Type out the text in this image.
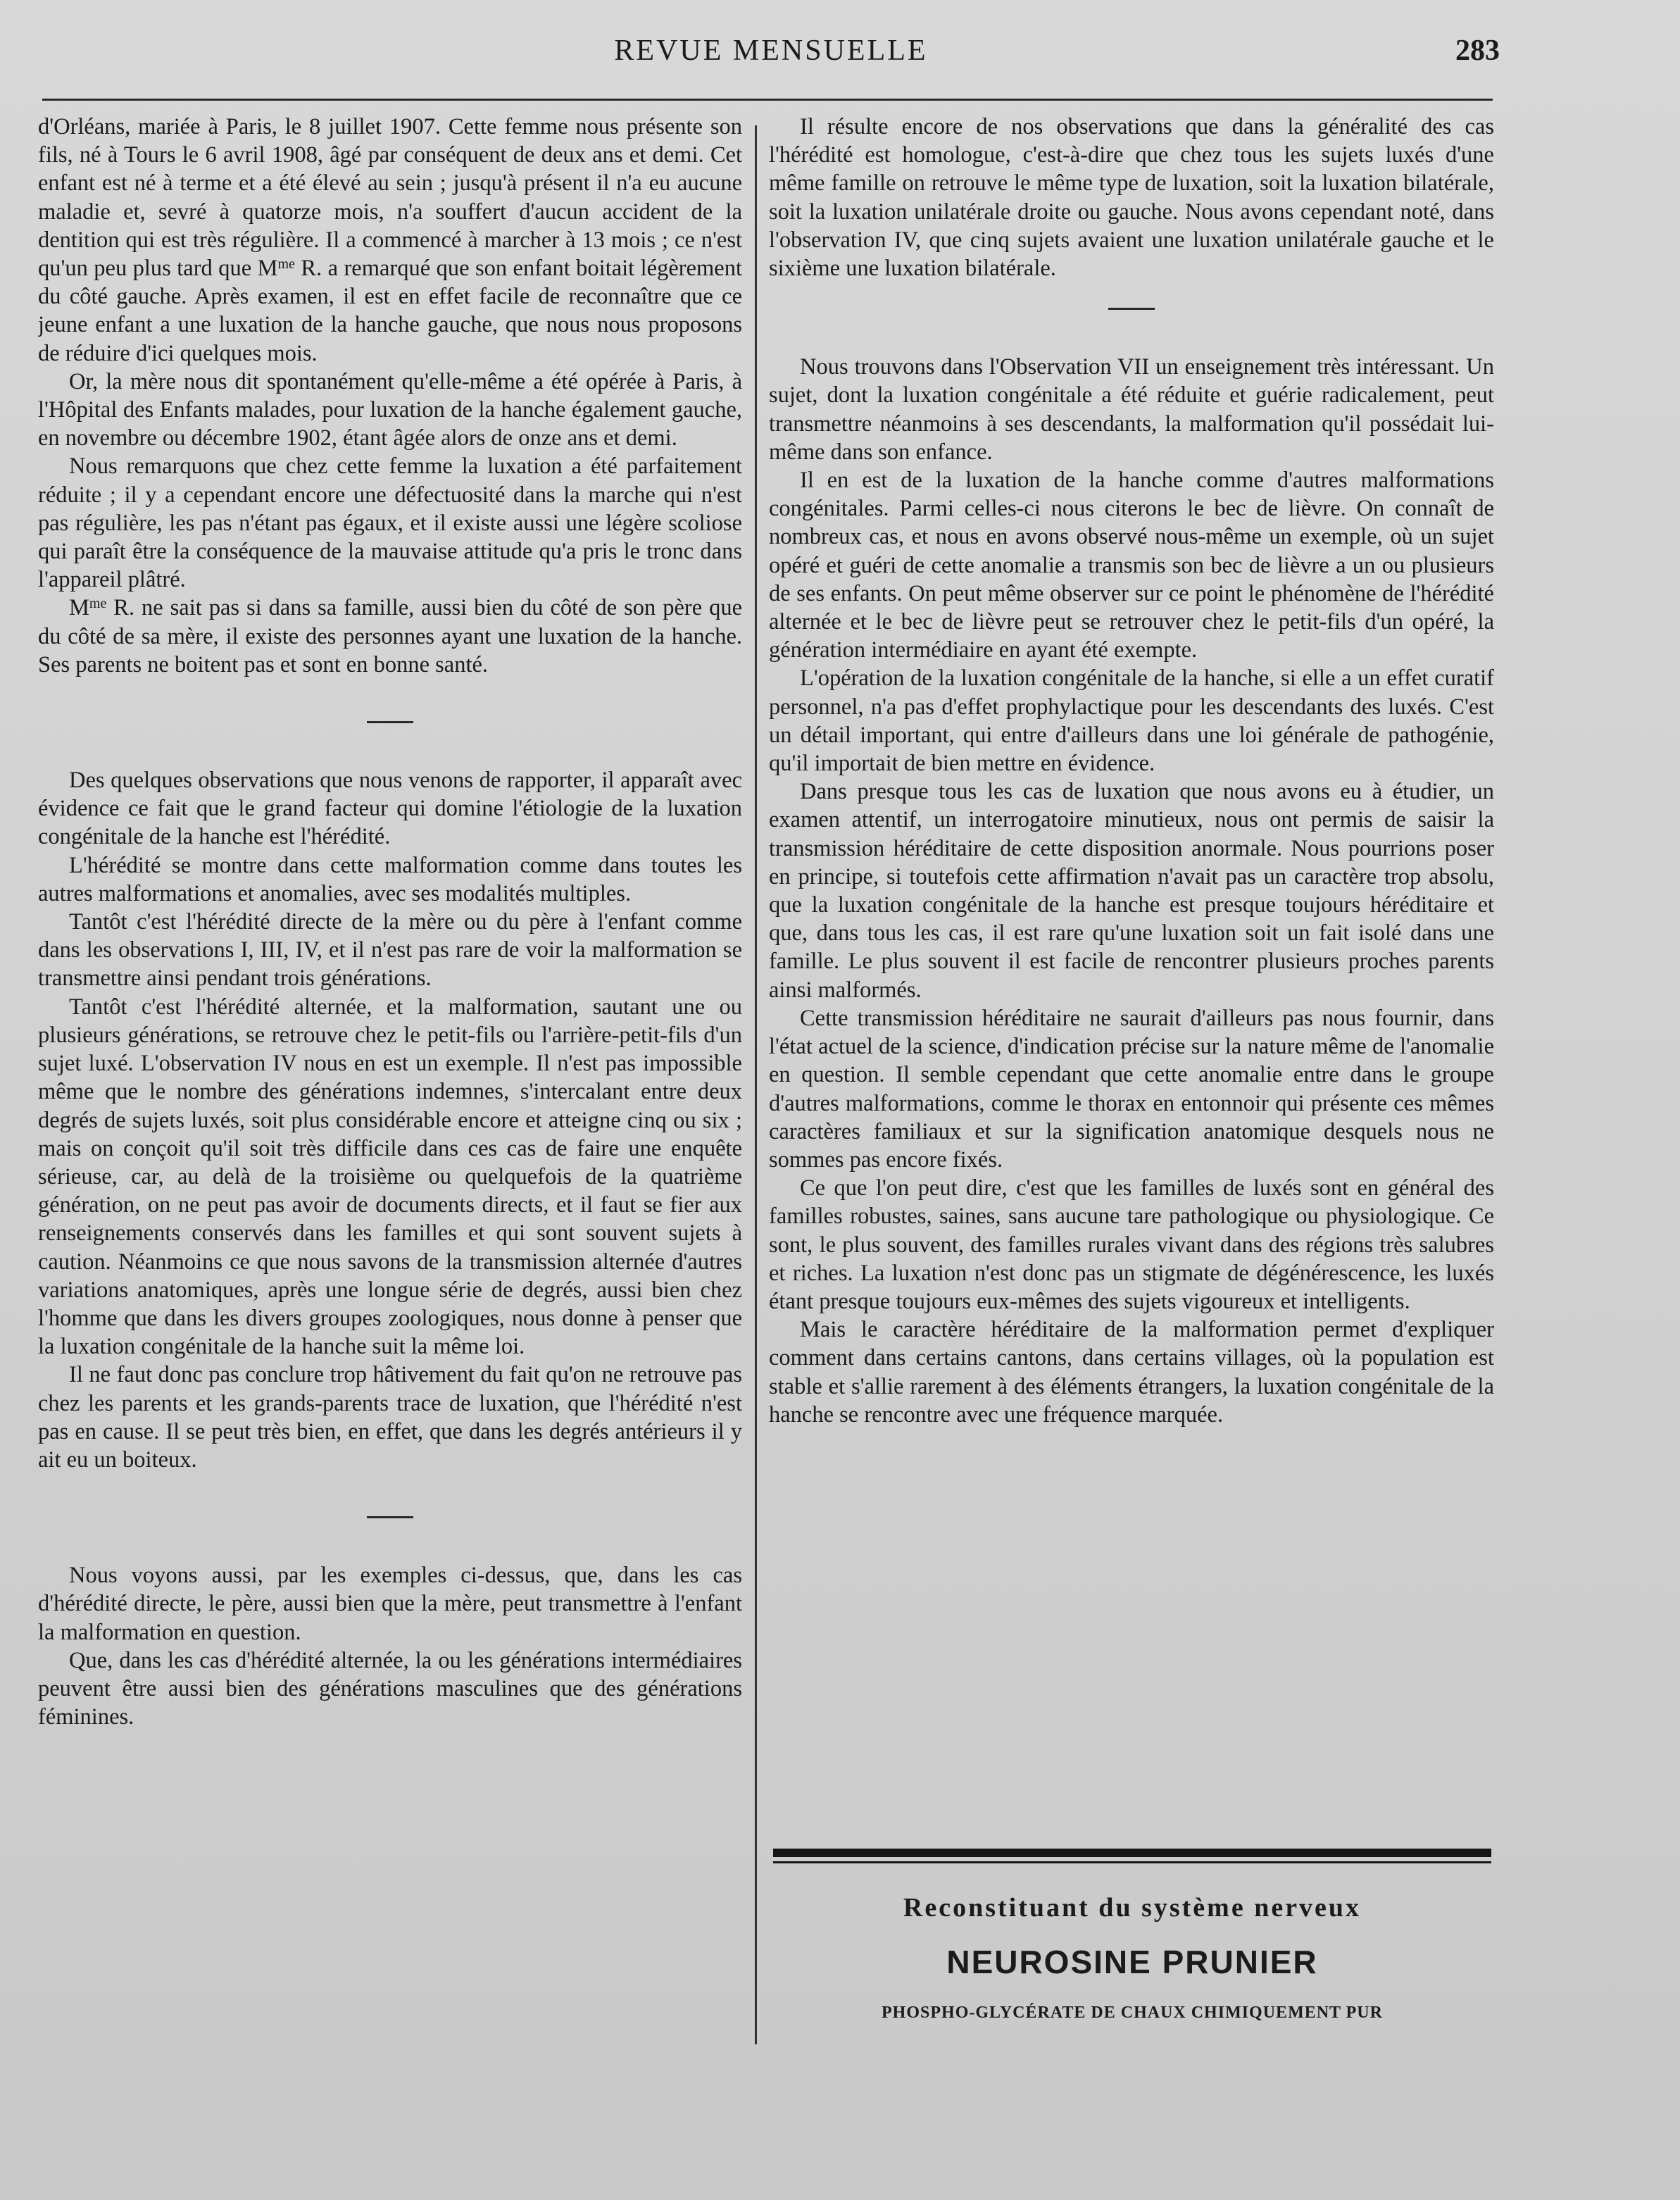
REVUE MENSUELLE	283

d'Orléans, mariée à Paris, le 8 juillet 1907. Cette femme nous présente son fils, né à Tours le 6 avril 1908, âgé par conséquent de deux ans et demi. Cet enfant est né à terme et a été élevé au sein ; jusqu'à présent il n'a eu aucune maladie et, sevré à quatorze mois, n'a souffert d'aucun accident de la dentition qui est très régulière. Il a commencé à marcher à 13 mois ; ce n'est qu'un peu plus tard que $M^{me}$ R. a remarqué que son enfant boitait légèrement du côté gauche. Après examen, il est en effet facile de reconnaître que ce jeune enfant a une luxation de la hanche gauche, que nous nous proposons de réduire d'ici quelques mois.

Or, la mère nous dit spontanément qu'elle-même a été opérée à Paris, à l'Hôpital des Enfants malades, pour luxation de la hanche également gauche, en novembre ou décembre 1902, étant âgée alors de onze ans et demi.

Nous remarquons que chez cette femme la luxation a été parfaitement réduite ; il y a cependant encore une défectuosité dans la marche qui n'est pas régulière, les pas n'étant pas égaux, et il existe aussi une légère scoliose qui paraît être la conséquence de la mauvaise attitude qu'a pris le tronc dans l'appareil plâtré.

$M^{me}$ R. ne sait pas si dans sa famille, aussi bien du côté de son père que du côté de sa mère, il existe des personnes ayant une luxation de la hanche. Ses parents ne boitent pas et sont en bonne santé.

Des quelques observations que nous venons de rapporter, il apparaît avec évidence ce fait que le grand facteur qui domine l'étiologie de la luxation congénitale de la hanche est l'hérédité.

L'hérédité se montre dans cette malformation comme dans toutes les autres malformations et anomalies, avec ses modalités multiples.

Tantôt c'est l'hérédité directe de la mère ou du père à l'enfant comme dans les observations I, III, IV, et il n'est pas rare de voir la malformation se transmettre ainsi pendant trois générations.

Tantôt c'est l'hérédité alternée, et la malformation, sautant une ou plusieurs générations, se retrouve chez le petit-fils ou l'arrière-petit-fils d'un sujet luxé. L'observation IV nous en est un exemple. Il n'est pas impossible même que le nombre des générations indemnes, s'intercalant entre deux degrés de sujets luxés, soit plus considérable encore et atteigne cinq ou six ; mais on conçoit qu'il soit très difficile dans ces cas de faire une enquête sérieuse, car, au delà de la troisième ou quelquefois de la quatrième génération, on ne peut pas avoir de documents directs, et il faut se fier aux renseignements conservés dans les familles et qui sont souvent sujets à caution. Néanmoins ce que nous savons de la transmission alternée d'autres variations anatomiques, après une longue série de degrés, aussi bien chez l'homme que dans les divers groupes zoologiques, nous donne à penser que la luxation congénitale de la hanche suit la même loi.

Il ne faut donc pas conclure trop hâtivement du fait qu'on ne retrouve pas chez les parents et les grands-parents trace de luxation, que l'hérédité n'est pas en cause. Il se peut très bien, en effet, que dans les degrés antérieurs il y ait eu un boiteux.

Nous voyons aussi, par les exemples ci-dessus, que, dans les cas d'hérédité directe, le père, aussi bien que la mère, peut transmettre à l'enfant la malformation en question.

Que, dans les cas d'hérédité alternée, la ou les générations intermédiaires peuvent être aussi bien des générations masculines que des générations féminines.

Il résulte encore de nos observations que dans la généralité des cas l'hérédité est homologue, c'est-à-dire que chez tous les sujets luxés d'une même famille on retrouve le même type de luxation, soit la luxation bilatérale, soit la luxation unilatérale droite ou gauche. Nous avons cependant noté, dans l'observation IV, que cinq sujets avaient une luxation unilatérale gauche et le sixième une luxation bilatérale.

Nous trouvons dans l'Observation VII un enseignement très intéressant. Un sujet, dont la luxation congénitale a été réduite et guérie radicalement, peut transmettre néanmoins à ses descendants, la malformation qu'il possédait lui-même dans son enfance.

Il en est de la luxation de la hanche comme d'autres malformations congénitales. Parmi celles-ci nous citerons le bec de lièvre. On connaît de nombreux cas, et nous en avons observé nous-même un exemple, où un sujet opéré et guéri de cette anomalie a transmis son bec de lièvre a un ou plusieurs de ses enfants. On peut même observer sur ce point le phénomène de l'hérédité alternée et le bec de lièvre peut se retrouver chez le petit-fils d'un opéré, la génération intermédiaire en ayant été exempte.

L'opération de la luxation congénitale de la hanche, si elle a un effet curatif personnel, n'a pas d'effet prophylactique pour les descendants des luxés. C'est un détail important, qui entre d'ailleurs dans une loi générale de pathogénie, qu'il importait de bien mettre en évidence.

Dans presque tous les cas de luxation que nous avons eu à étudier, un examen attentif, un interrogatoire minutieux, nous ont permis de saisir la transmission héréditaire de cette disposition anormale. Nous pourrions poser en principe, si toutefois cette affirmation n'avait pas un caractère trop absolu, que la luxation congénitale de la hanche est presque toujours héréditaire et que, dans tous les cas, il est rare qu'une luxation soit un fait isolé dans une famille. Le plus souvent il est facile de rencontrer plusieurs proches parents ainsi malformés.

Cette transmission héréditaire ne saurait d'ailleurs pas nous fournir, dans l'état actuel de la science, d'indication précise sur la nature même de l'anomalie en question. Il semble cependant que cette anomalie entre dans le groupe d'autres malformations, comme le thorax en entonnoir qui présente ces mêmes caractères familiaux et sur la signification anatomique desquels nous ne sommes pas encore fixés.

Ce que l'on peut dire, c'est que les familles de luxés sont en général des familles robustes, saines, sans aucune tare pathologique ou physiologique. Ce sont, le plus souvent, des familles rurales vivant dans des régions très salubres et riches. La luxation n'est donc pas un stigmate de dégénérescence, les luxés étant presque toujours eux-mêmes des sujets vigoureux et intelligents.

Mais le caractère héréditaire de la malformation permet d'expliquer comment dans certains cantons, dans certains villages, où la population est stable et s'allie rarement à des éléments étrangers, la luxation congénitale de la hanche se rencontre avec une fréquence marquée.

Reconstituant du système nerveux
NEUROSINE PRUNIER
PHOSPHO-GLYCÉRATE DE CHAUX CHIMIQUEMENT PUR
